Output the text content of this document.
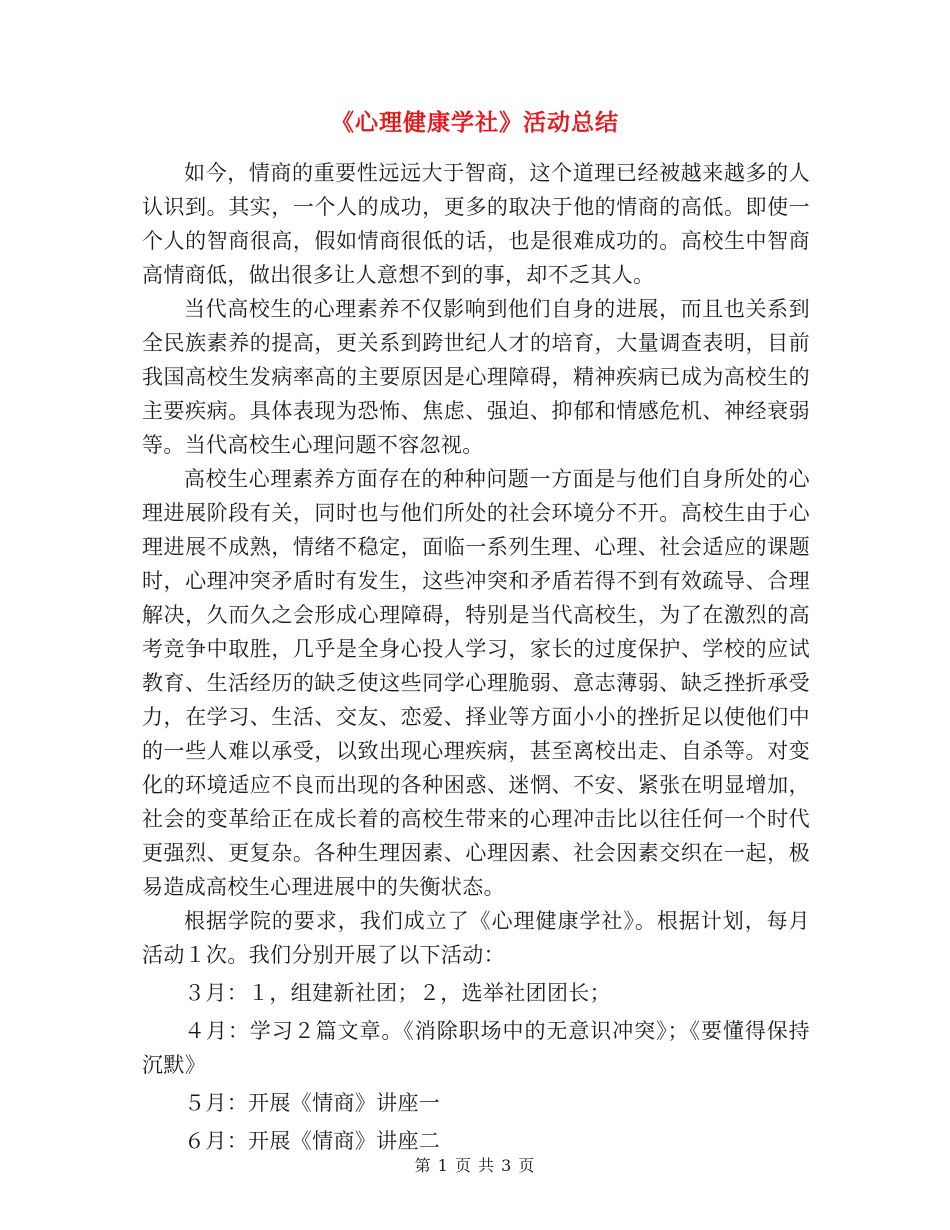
《心理健康学社》活动总结

如今，情商的重要性远远大于智商，这个道理已经被越来越多的人认识到。其实，一个人的成功，更多的取决于他的情商的高低。即使一个人的智商很高，假如情商很低的话，也是很难成功的。高校生中智商高情商低，做出很多让人意想不到的事，却不乏其人。

当代高校生的心理素养不仅影响到他们自身的进展，而且也关系到全民族素养的提高，更关系到跨世纪人才的培育，大量调查表明，目前我国高校生发病率高的主要原因是心理障碍，精神疾病已成为高校生的主要疾病。具体表现为恐怖、焦虑、强迫、抑郁和情感危机、神经衰弱等。当代高校生心理问题不容忽视。

高校生心理素养方面存在的种种问题一方面是与他们自身所处的心理进展阶段有关，同时也与他们所处的社会环境分不开。高校生由于心理进展不成熟，情绪不稳定，面临一系列生理、心理、社会适应的课题时，心理冲突矛盾时有发生，这些冲突和矛盾若得不到有效疏导、合理解决，久而久之会形成心理障碍，特别是当代高校生，为了在激烈的高考竞争中取胜，几乎是全身心投人学习，家长的过度保护、学校的应试教育、生活经历的缺乏使这些同学心理脆弱、意志薄弱、缺乏挫折承受力，在学习、生活、交友、恋爱、择业等方面小小的挫折足以使他们中的一些人难以承受，以致出现心理疾病，甚至离校出走、自杀等。对变化的环境适应不良而出现的各种困惑、迷惘、不安、紧张在明显增加，社会的变革给正在成长着的高校生带来的心理冲击比以往任何一个时代更强烈、更复杂。各种生理因素、心理因素、社会因素交织在一起，极易造成高校生心理进展中的失衡状态。

根据学院的要求，我们成立了《心理健康学社》。根据计划，每月活动１次。我们分别开展了以下活动：

３月：１，组建新社团；２，选举社团团长；

４月：学习２篇文章。《消除职场中的无意识冲突》；《要懂得保持沉默》

５月：开展《情商》讲座一

６月：开展《情商》讲座二

第 1 页 共 3 页
